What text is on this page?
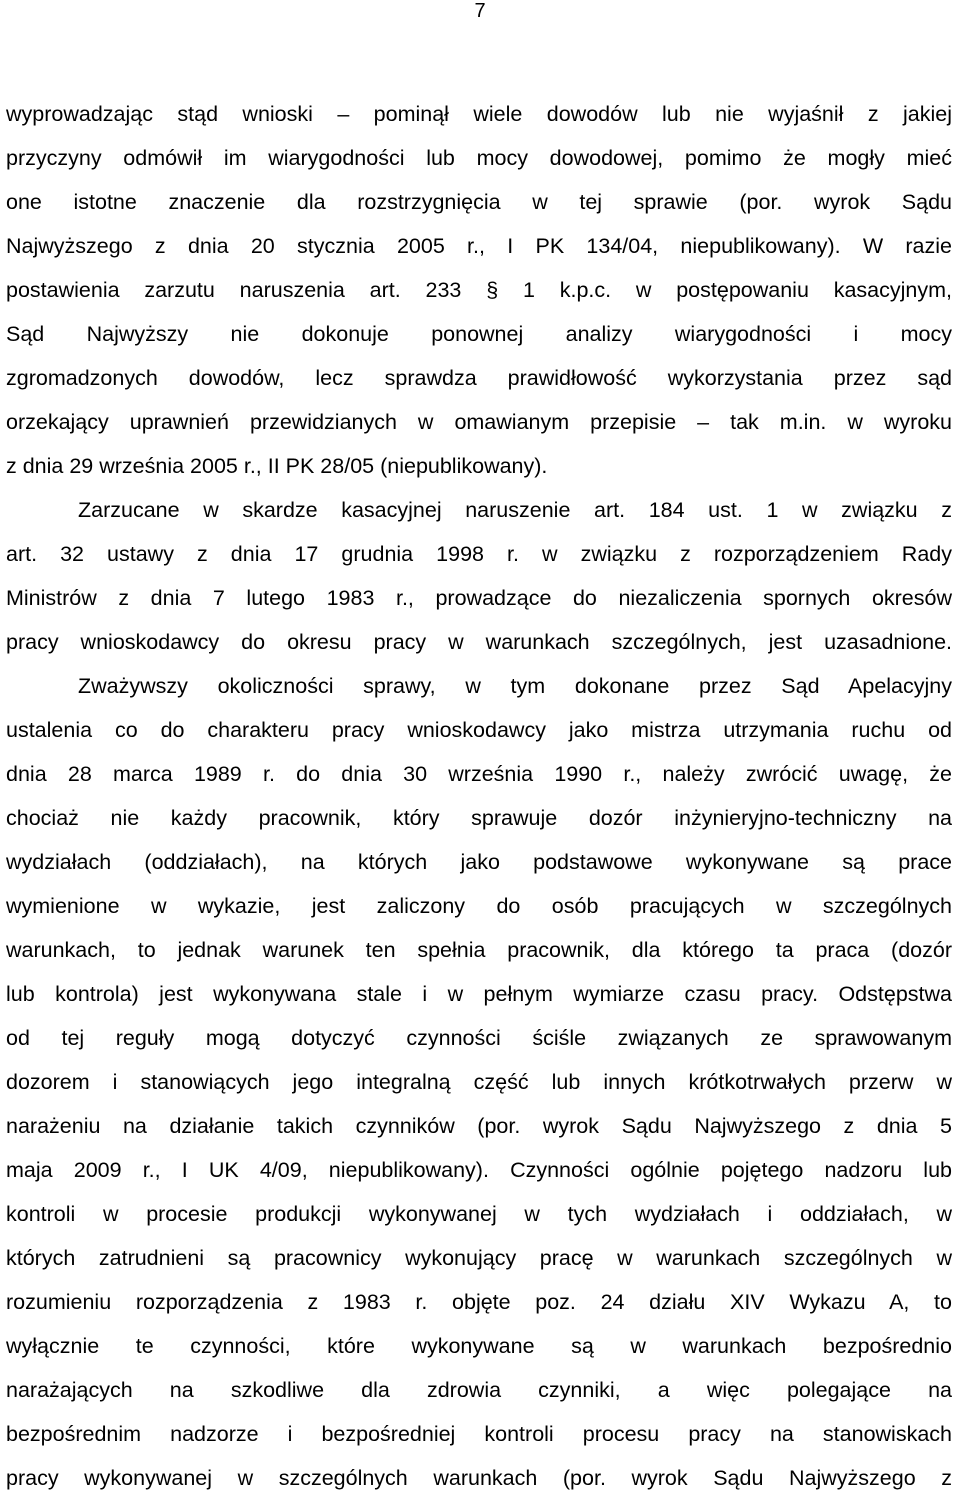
7
wyprowadzając stąd wnioski – pominął wiele dowodów lub nie wyjaśnił z jakiej
przyczyny odmówił im wiarygodności lub mocy dowodowej, pomimo że mogły mieć
one istotne znaczenie dla rozstrzygnięcia w tej sprawie (por. wyrok Sądu
Najwyższego z dnia 20 stycznia 2005 r., I PK 134/04, niepublikowany). W razie
postawienia zarzutu naruszenia art. 233 § 1 k.p.c. w postępowaniu kasacyjnym,
Sąd Najwyższy nie dokonuje ponownej analizy wiarygodności i mocy
zgromadzonych dowodów, lecz sprawdza prawidłowość wykorzystania przez sąd
orzekający uprawnień przewidzianych w omawianym przepisie – tak m.in. w wyroku
z dnia 29 września 2005 r., II PK 28/05 (niepublikowany).
Zarzucane w skardze kasacyjnej naruszenie art. 184 ust. 1 w związku z
art. 32 ustawy z dnia 17 grudnia 1998 r. w związku z rozporządzeniem Rady
Ministrów z dnia 7 lutego 1983 r., prowadzące do niezaliczenia spornych okresów
pracy wnioskodawcy do okresu pracy w warunkach szczególnych, jest uzasadnione.
Zważywszy okoliczności sprawy, w tym dokonane przez Sąd Apelacyjny
ustalenia co do charakteru pracy wnioskodawcy jako mistrza utrzymania ruchu od
dnia 28 marca 1989 r. do dnia 30 września 1990 r., należy zwrócić uwagę, że
chociaż nie każdy pracownik, który sprawuje dozór inżynieryjno-techniczny na
wydziałach (oddziałach), na których jako podstawowe wykonywane są prace
wymienione w wykazie, jest zaliczony do osób pracujących w szczególnych
warunkach, to jednak warunek ten spełnia pracownik, dla którego ta praca (dozór
lub kontrola) jest wykonywana stale i w pełnym wymiarze czasu pracy. Odstępstwa
od tej reguły mogą dotyczyć czynności ściśle związanych ze sprawowanym
dozorem i stanowiących jego integralną część lub innych krótkotrwałych przerw w
narażeniu na działanie takich czynników (por. wyrok Sądu Najwyższego z dnia 5
maja 2009 r., I UK 4/09, niepublikowany). Czynności ogólnie pojętego nadzoru lub
kontroli w procesie produkcji wykonywanej w tych wydziałach i oddziałach, w
których zatrudnieni są pracownicy wykonujący pracę w warunkach szczególnych w
rozumieniu rozporządzenia z 1983 r. objęte poz. 24 działu XIV Wykazu A, to
wyłącznie te czynności, które wykonywane są w warunkach bezpośrednio
narażających na szkodliwe dla zdrowia czynniki, a więc polegające na
bezpośrednim nadzorze i bezpośredniej kontroli procesu pracy na stanowiskach
pracy wykonywanej w szczególnych warunkach (por. wyrok Sądu Najwyższego z
